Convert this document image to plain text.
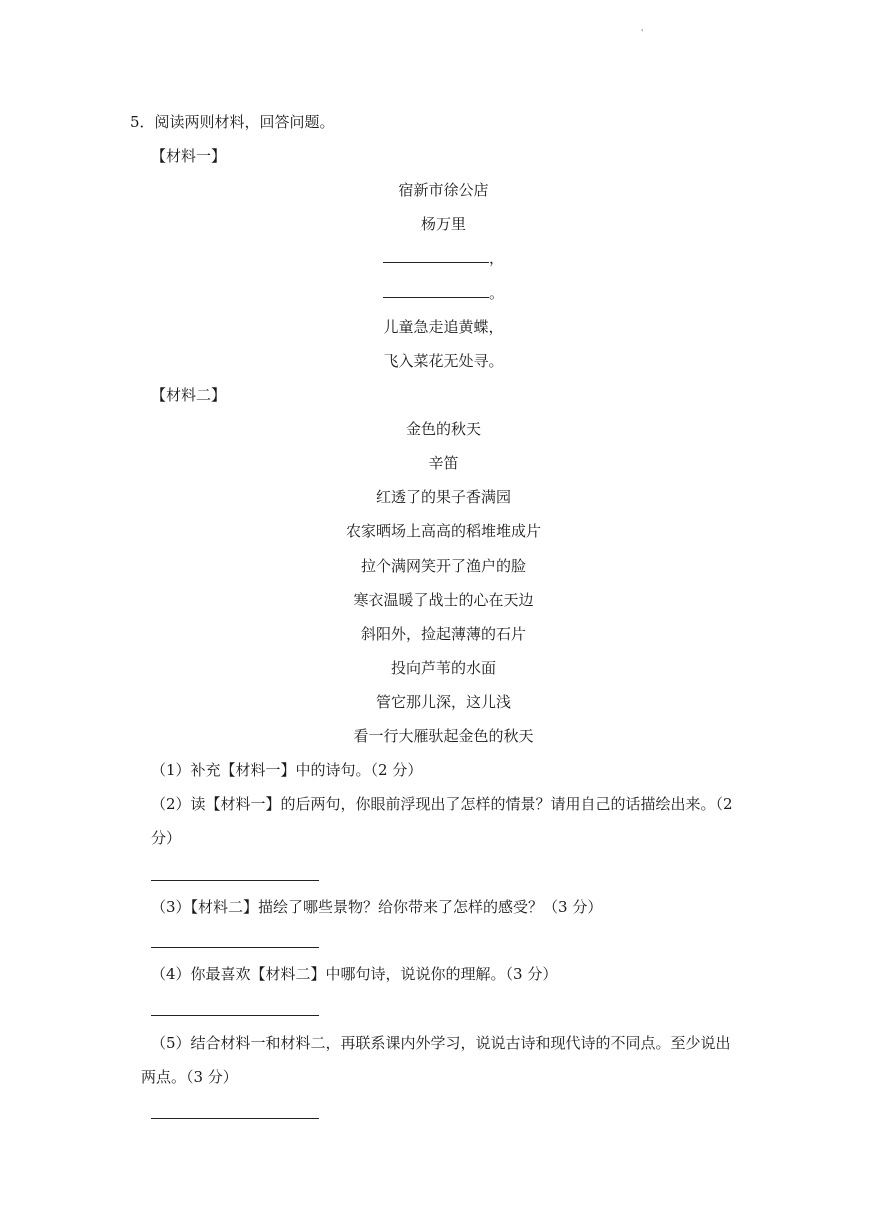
'
5．阅读两则材料，回答问题。
【材料一】
宿新市徐公店
杨万里
，
。
儿童急走追黄蝶，
飞入菜花无处寻。
【材料二】
金色的秋天
辛笛
红透了的果子香满园
农家晒场上高高的稻堆堆成片
拉个满网笑开了渔户的脸
寒衣温暖了战士的心在天边
斜阳外，捡起薄薄的石片
投向芦苇的水面
管它那儿深，这儿浅
看一行大雁驮起金色的秋天
（1）补充【材料一】中的诗句。（2 分）
（2）读【材料一】的后两句，你眼前浮现出了怎样的情景？请用自己的话描绘出来。（2
分）
（3）【材料二】描绘了哪些景物？给你带来了怎样的感受？（3 分）
（4）你最喜欢【材料二】中哪句诗，说说你的理解。（3 分）
（5）结合材料一和材料二，再联系课内外学习，说说古诗和现代诗的不同点。至少说出
两点。（3 分）
